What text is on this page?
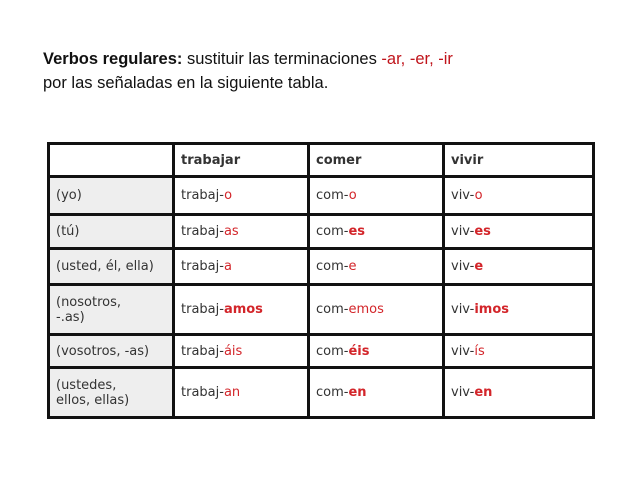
Verbos regulares: sustituir las terminaciones -ar, -er, -ir
por las señaladas en la siguiente tabla.
	trabajar	comer	vivir
(yo)	trabaj-o	com-o	viv-o
(tú)	trabaj-as	com-es	viv-es
(usted, él, ella)	trabaj-a	com-e	viv-e
(nosotros,
-.as)	trabaj-amos	com-emos	viv-imos
(vosotros, -as)	trabaj-áis	com-éis	viv-ís
(ustedes,
ellos, ellas)	trabaj-an	com-en	viv-en
